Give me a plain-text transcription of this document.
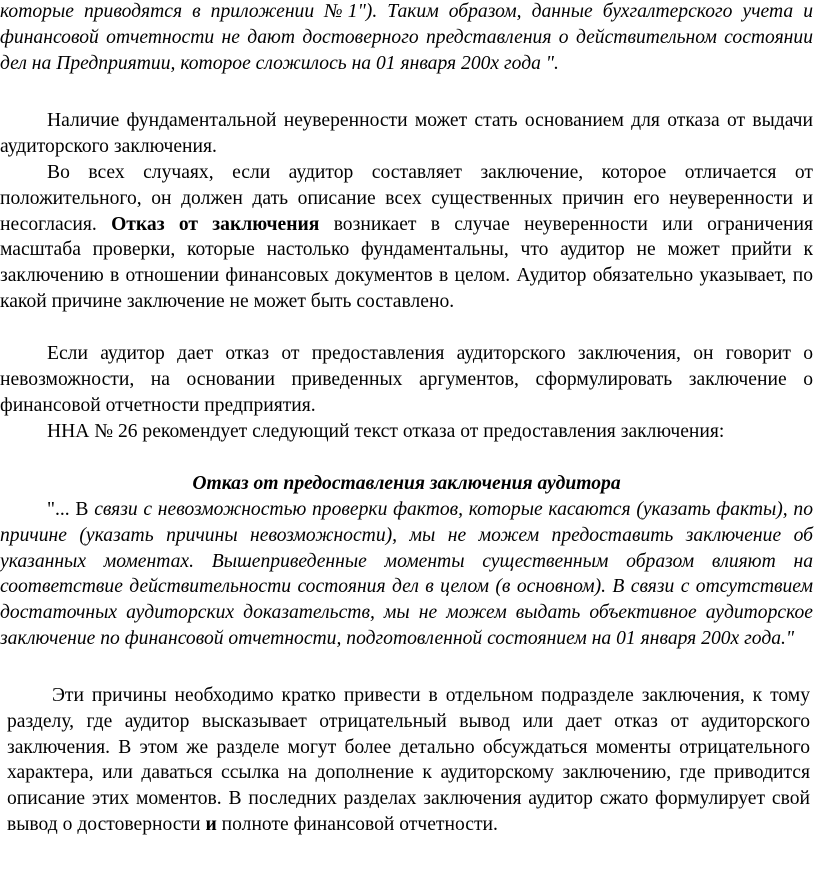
которые приводятся в приложении №1"). Таким образом, данные бухгалтерского учета и финансовой отчетности не дают достоверного представления о действительном состоянии дел на Предприятии, которое сложилось на 01 января 200х года ".

Наличие фундаментальной неуверенности может стать основанием для отказа от выдачи аудиторского заключения.

Во всех случаях, если аудитор составляет заключение, которое отличается от положительного, он должен дать описание всех существенных причин его неуверенности и несогласия. Отказ от заключения возникает в случае неуверенности или ограничения масштаба проверки, которые настолько фундаментальны, что аудитор не может прийти к заключению в отношении финансовых документов в целом. Аудитор обязательно указывает, по какой причине заключение не может быть составлено.

Если аудитор дает отказ от предоставления аудиторского заключения, он говорит о невозможности, на основании приведенных аргументов, сформулировать заключение о финансовой отчетности предприятия.

ННА № 26 рекомендует следующий текст отказа от предоставления заключения:

Отказ от предоставления заключения аудитора

"... В связи с невозможностью проверки фактов, которые касаются (указать факты), по причине (указать причины невозможности), мы не можем предоставить заключение об указанных моментах. Вышеприведенные моменты существенным образом влияют на соответствие действительности состояния дел в целом (в основном). В связи с отсутствием достаточных аудиторских доказательств, мы не можем выдать объективное аудиторское заключение по финансовой отчетности, подготовленной состоянием на 01 января 200х года."

Эти причины необходимо кратко привести в отдельном подразделе заключения, к тому разделу, где аудитор высказывает отрицательный вывод или дает отказ от аудиторского заключения. В этом же разделе могут более детально обсуждаться моменты отрицательного характера, или даваться ссылка на дополнение к аудиторскому заключению, где приводится описание этих моментов. В последних разделах заключения аудитор сжато формулирует свой вывод о достоверности и полноте финансовой отчетности.
